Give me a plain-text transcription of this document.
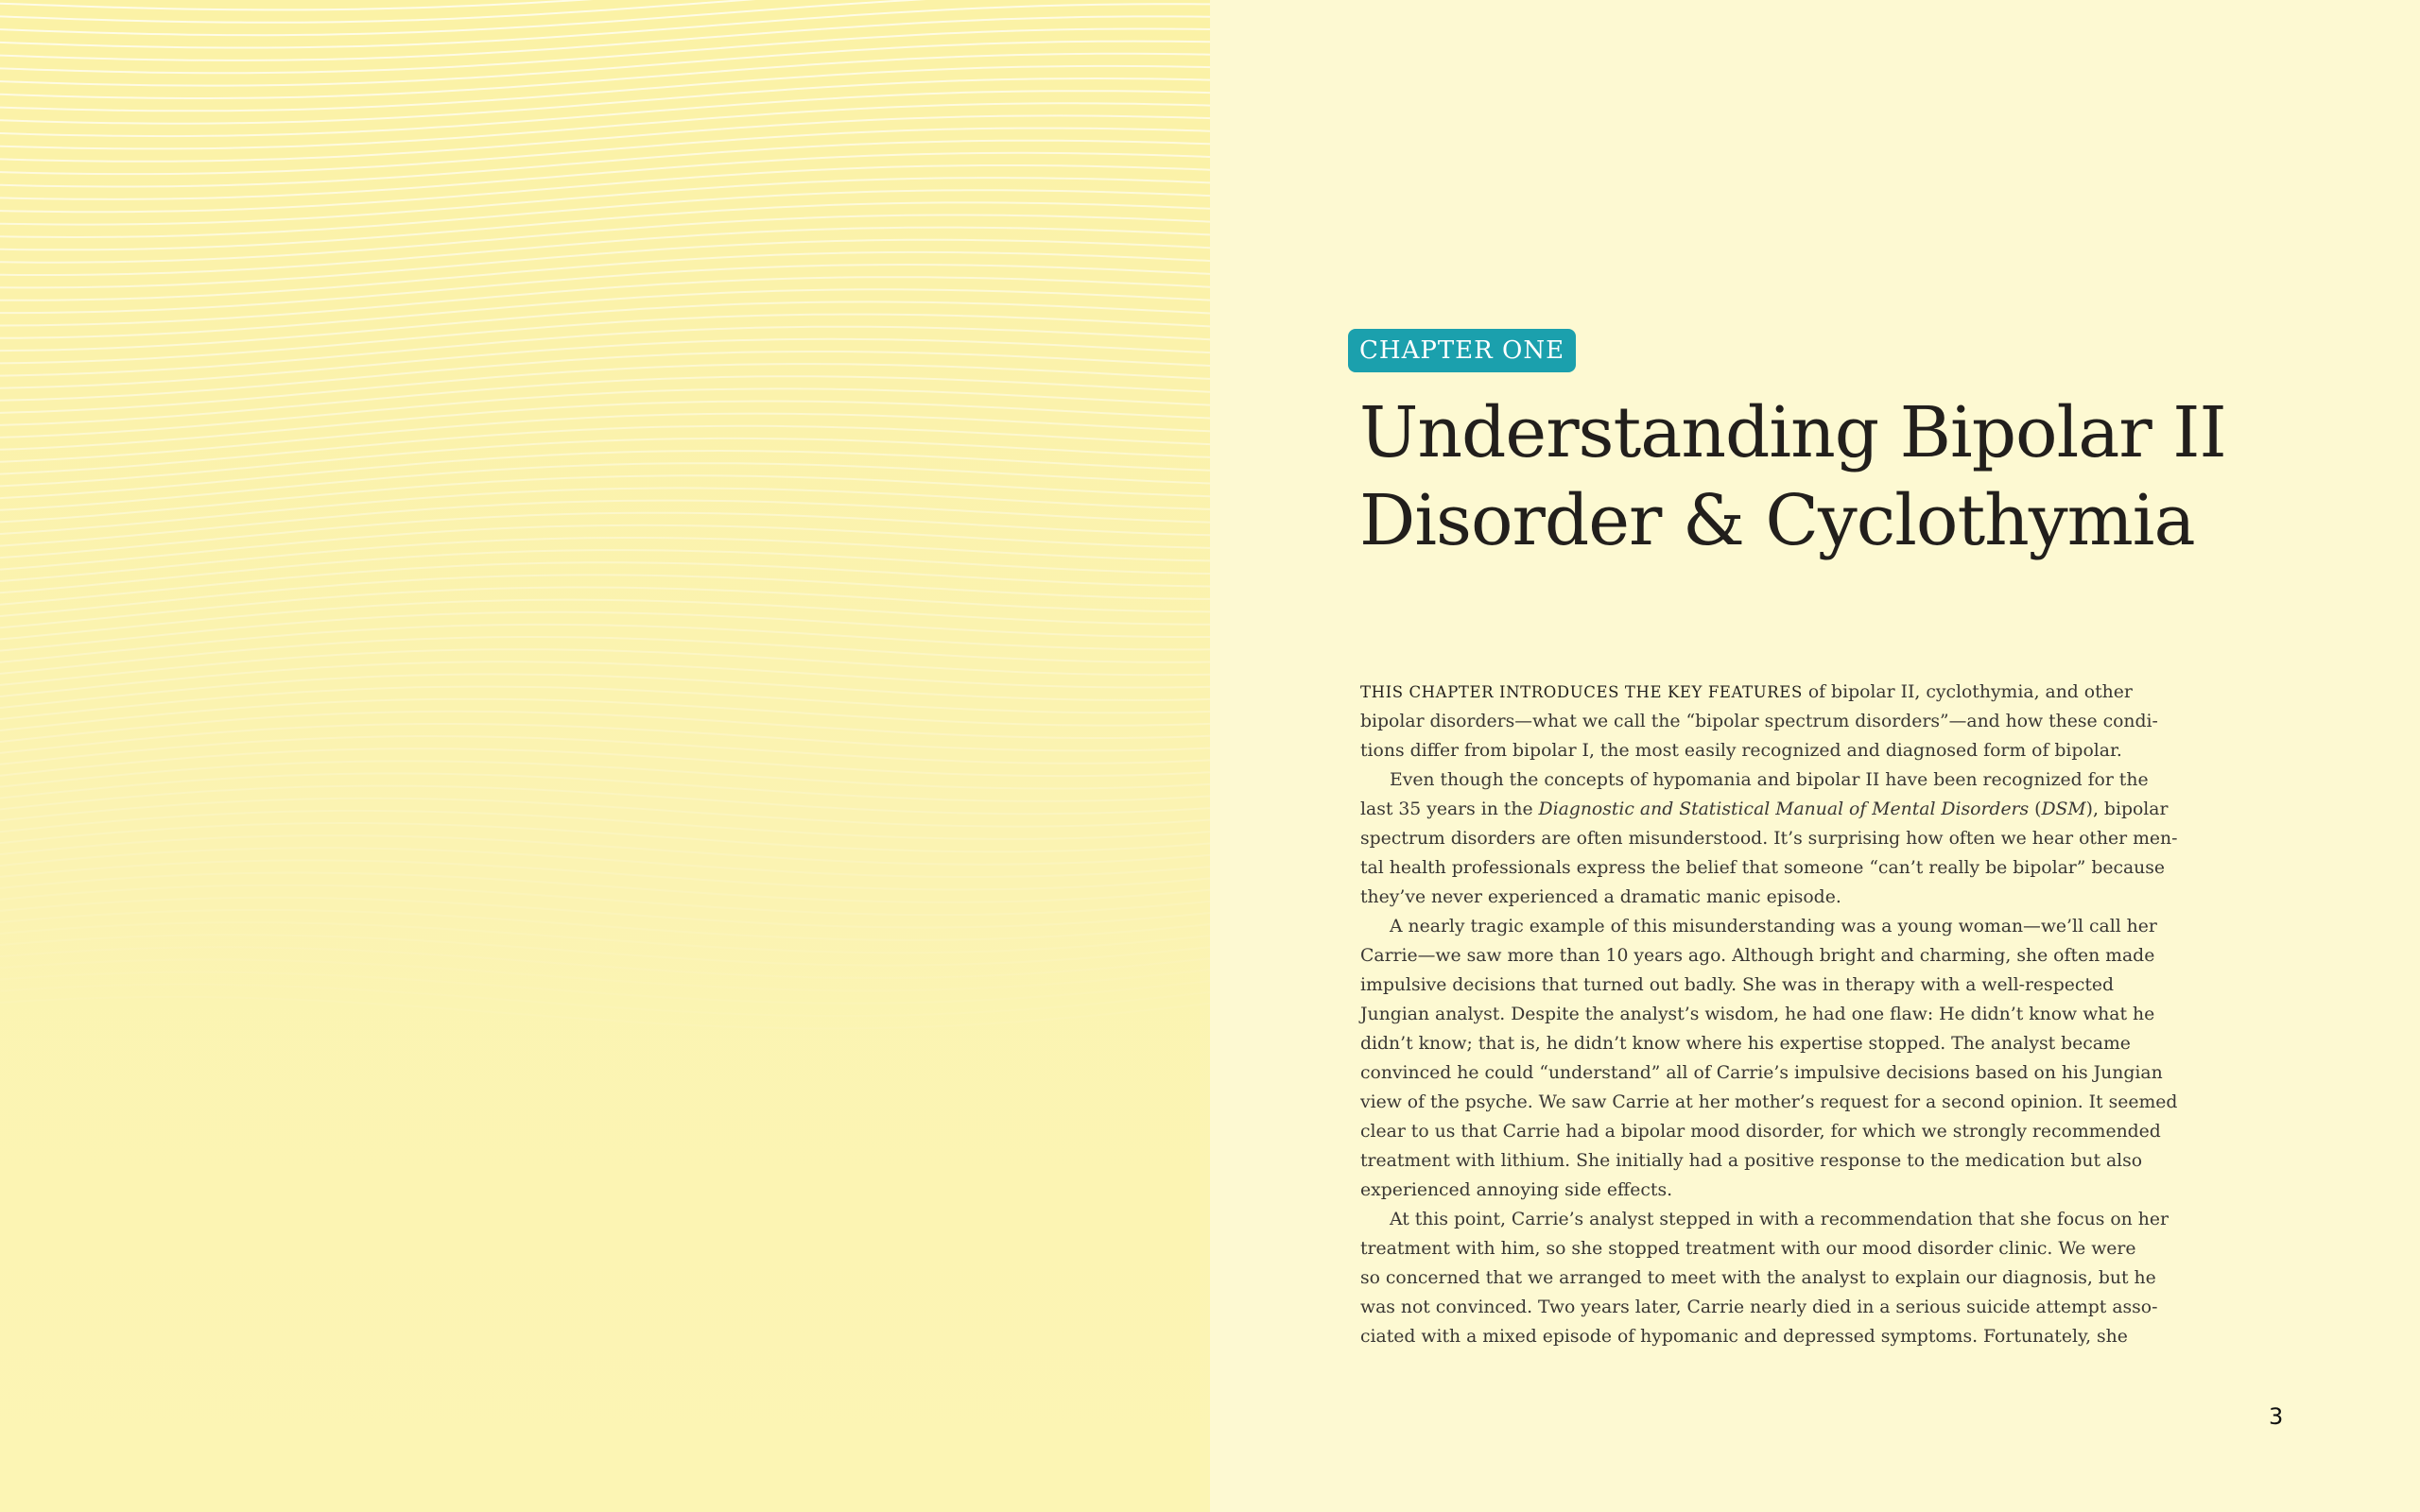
CHAPTER ONE
Understanding Bipolar II
Disorder & Cyclothymia
THIS CHAPTER INTRODUCES THE KEY FEATURES of bipolar II, cyclothymia, and other
bipolar disorders—what we call the “bipolar spectrum disorders”—and how these condi-
tions differ from bipolar I, the most easily recognized and diagnosed form of bipolar.
Even though the concepts of hypomania and bipolar II have been recognized for the
last 35 years in the Diagnostic and Statistical Manual of Mental Disorders (DSM), bipolar
spectrum disorders are often misunderstood. It’s surprising how often we hear other men-
tal health professionals express the belief that someone “can’t really be bipolar” because
they’ve never experienced a dramatic manic episode.
A nearly tragic example of this misunderstanding was a young woman—we’ll call her
Carrie—we saw more than 10 years ago. Although bright and charming, she often made
impulsive decisions that turned out badly. She was in therapy with a well-respected
Jungian analyst. Despite the analyst’s wisdom, he had one flaw: He didn’t know what he
didn’t know; that is, he didn’t know where his expertise stopped. The analyst became
convinced he could “understand” all of Carrie’s impulsive decisions based on his Jungian
view of the psyche. We saw Carrie at her mother’s request for a second opinion. It seemed
clear to us that Carrie had a bipolar mood disorder, for which we strongly recommended
treatment with lithium. She initially had a positive response to the medication but also
experienced annoying side effects.
At this point, Carrie’s analyst stepped in with a recommendation that she focus on her
treatment with him, so she stopped treatment with our mood disorder clinic. We were
so concerned that we arranged to meet with the analyst to explain our diagnosis, but he
was not convinced. Two years later, Carrie nearly died in a serious suicide attempt asso-
ciated with a mixed episode of hypomanic and depressed symptoms. Fortunately, she
3
